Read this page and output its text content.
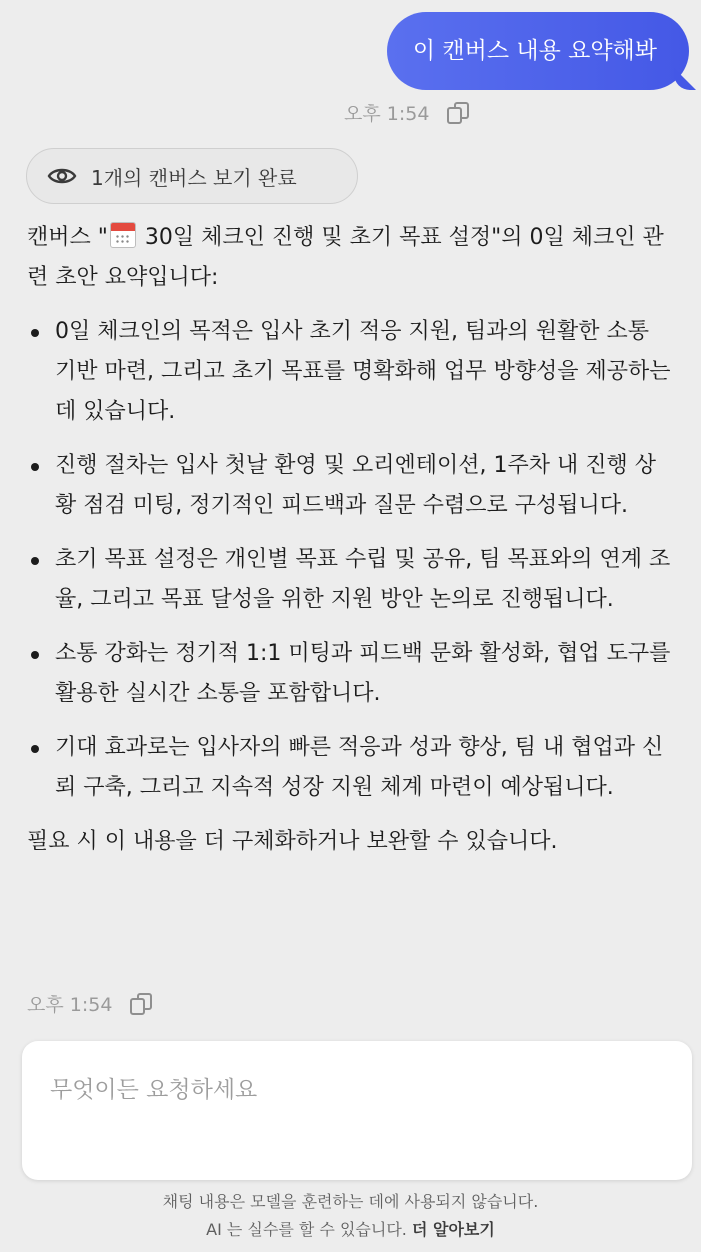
이 캔버스 내용 요약해봐
오후 1:54
1개의 캔버스 보기 완료

캔버스 "
30일 체크인 진행 및 초기 목표 설정"의 0일 체크인 관련 초안 요약입니다:

0일 체크인의 목적은 입사 초기 적응 지원, 팀과의 원활한 소통 기반 마련, 그리고 초기 목표를 명확화해 업무 방향성을 제공하는 데 있습니다.
진행 절차는 입사 첫날 환영 및 오리엔테이션, 1주차 내 진행 상황 점검 미팅, 정기적인 피드백과 질문 수렴으로 구성됩니다.
초기 목표 설정은 개인별 목표 수립 및 공유, 팀 목표와의 연계 조율, 그리고 목표 달성을 위한 지원 방안 논의로 진행됩니다.
소통 강화는 정기적 1:1 미팅과 피드백 문화 활성화, 협업 도구를 활용한 실시간 소통을 포함합니다.
기대 효과로는 입사자의 빠른 적응과 성과 향상, 팀 내 협업과 신뢰 구축, 그리고 지속적 성장 지원 체계 마련이 예상됩니다.

필요 시 이 내용을 더 구체화하거나 보완할 수 있습니다.

오후 1:54
무엇이든 요청하세요
채팅 내용은 모델을 훈련하는 데에 사용되지 않습니다.
AI 는 실수를 할 수 있습니다. 더 알아보기
